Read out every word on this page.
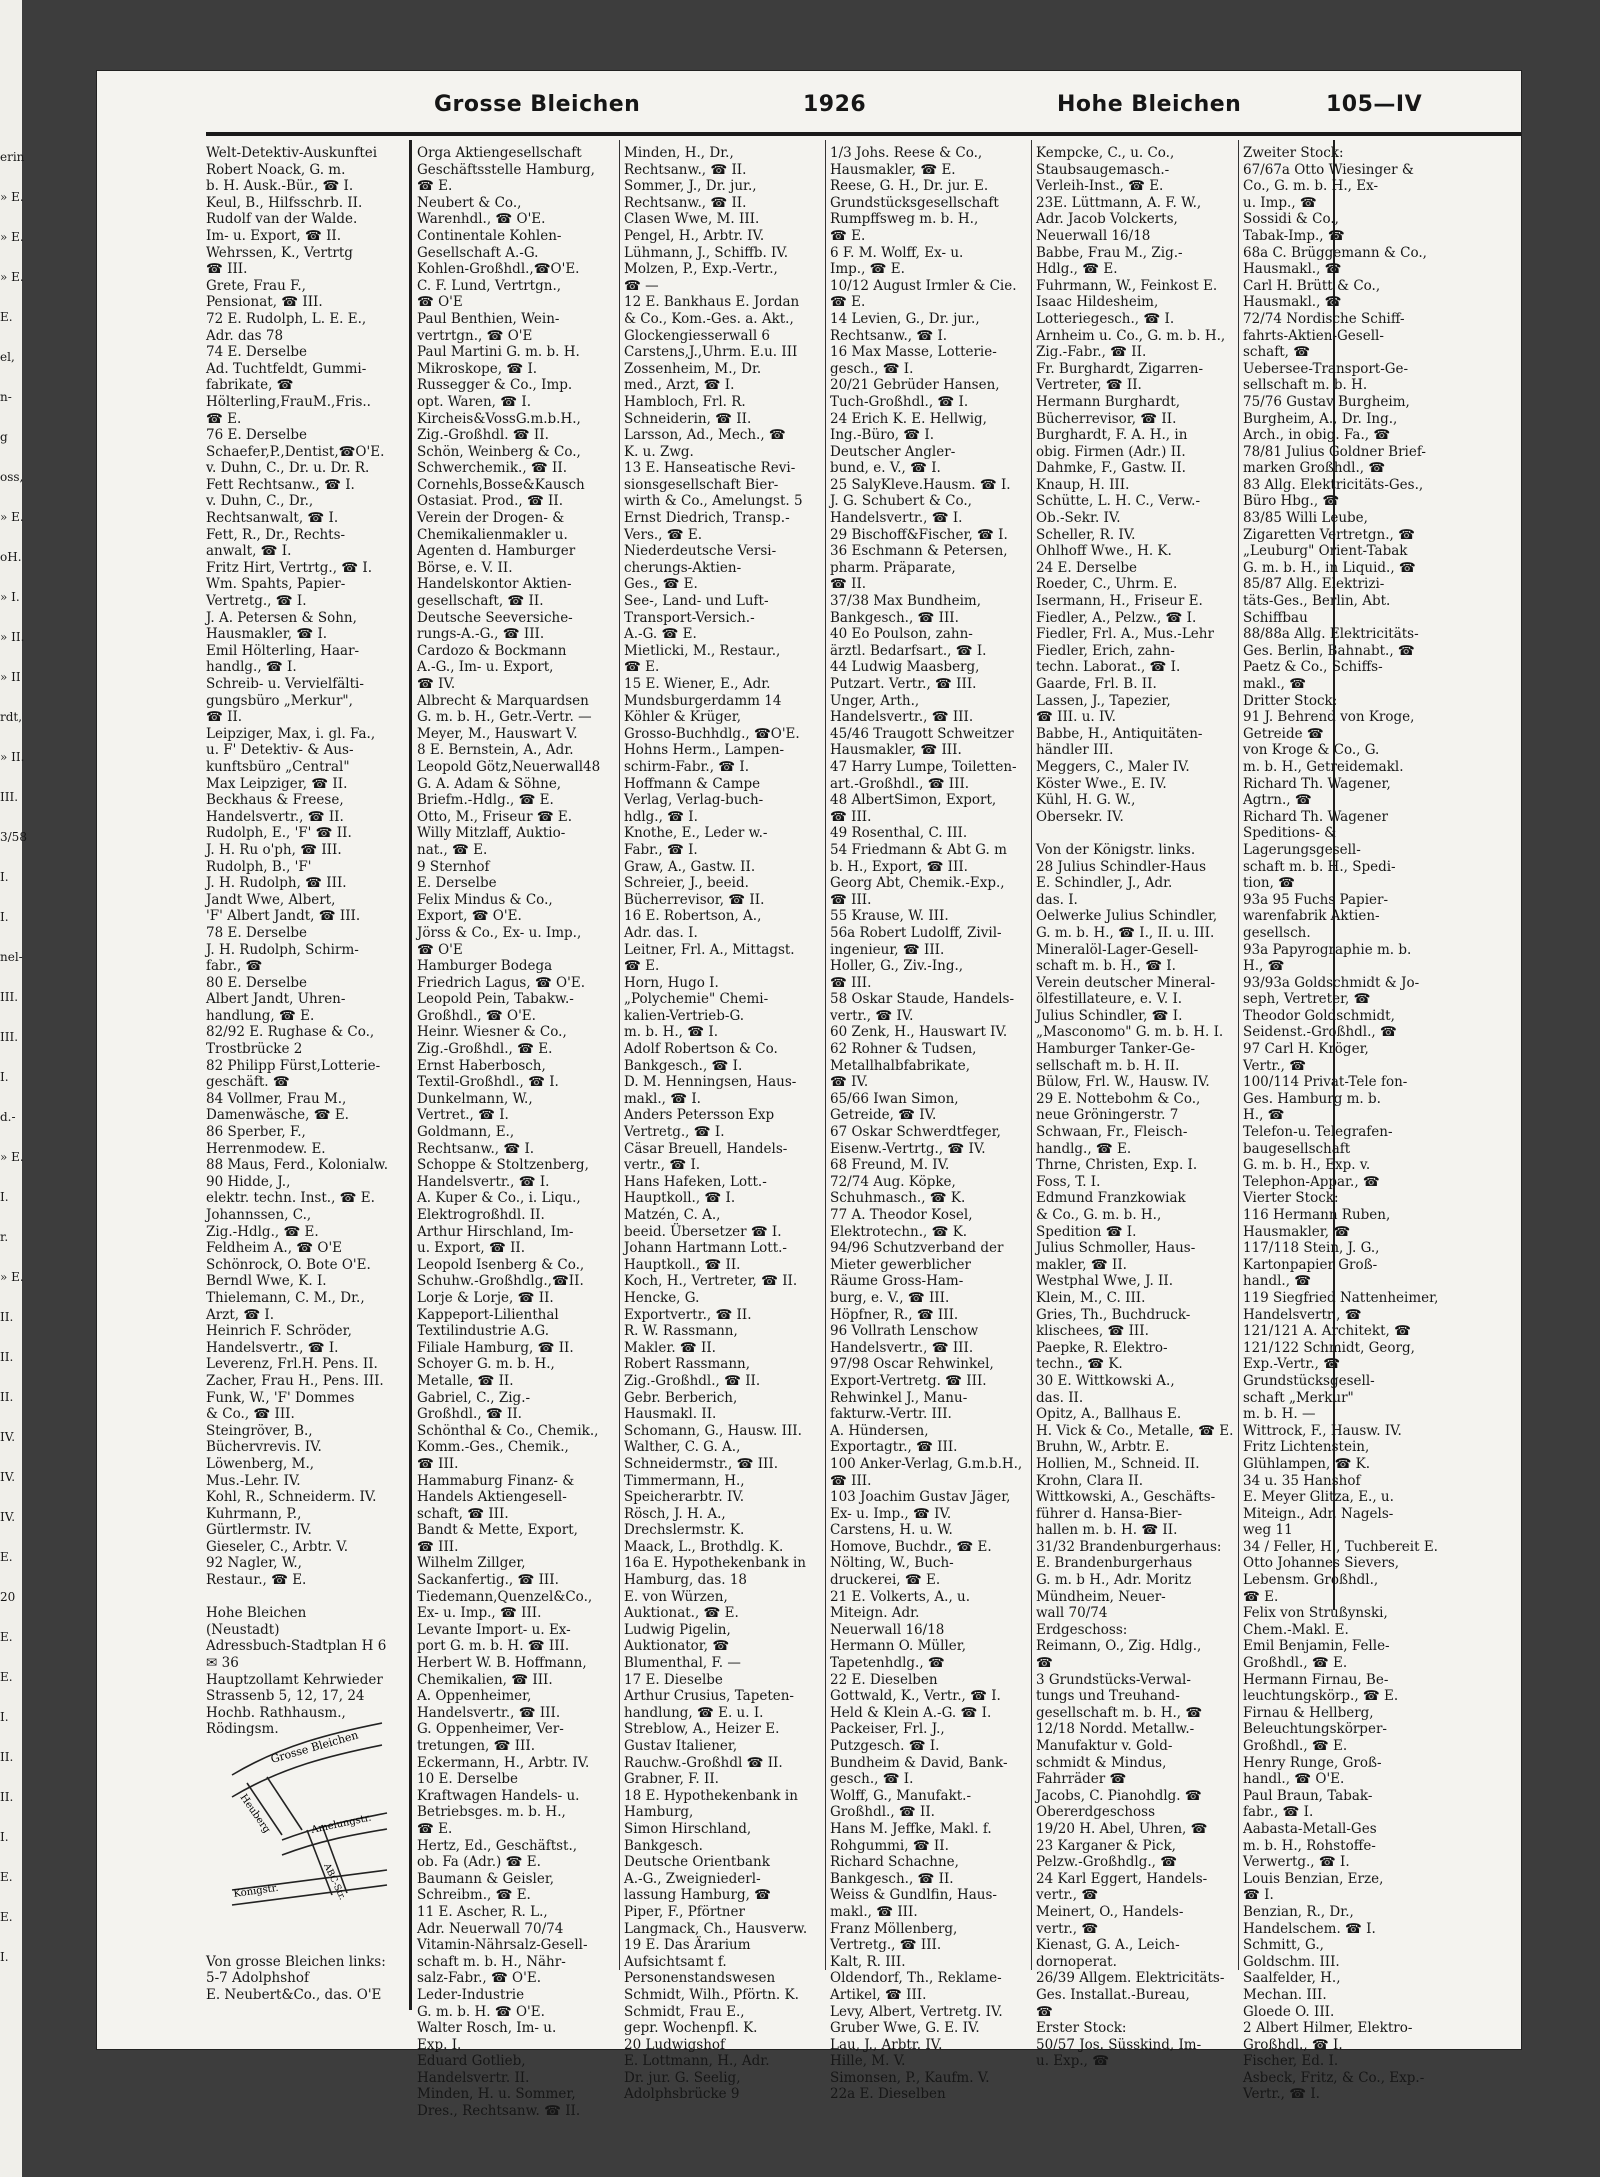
erin
» E.
» E.
» E.
E.
el,
n-
g
oss,
» E.
oH.
» I.
» II.
» II
rdt,
» II.
III.
3/58
I.
I.
nel-
III.
III.
I.
d.-
» E.
I.
r.
» E.
II.
II.
II.
IV.
IV.
IV.
E.
20
E.
E.
I.
II.
II.
I.
E.
E.
I.
Grosse Bleichen	1926	Hohe Bleichen	105—IV
Welt-Detektiv-Auskunftei
Robert Noack, G. m.
b. H. Ausk.-Bür., ☎ I.
Keul, B., Hilfsschrb. II.
Rudolf van der Walde.
Im- u. Export, ☎ II.
Wehrssen, K., Vertrtg
☎ III.
Grete, Frau F.,
Pensionat, ☎ III.
72 E. Rudolph, L. E. E.,
Adr. das 78
74 E. Derselbe
Ad. Tuchtfeldt, Gummi-
fabrikate, ☎
Hölterling,FrauM.,Fris..
☎ E.
76 E. Derselbe
Schaefer,P.,Dentist,☎O'E.
v. Duhn, C., Dr. u. Dr. R.
Fett Rechtsanw., ☎ I.
v. Duhn, C., Dr.,
Rechtsanwalt, ☎ I.
Fett, R., Dr., Rechts-
anwalt, ☎ I.
Fritz Hirt, Vertrtg., ☎ I.
Wm. Spahts, Papier-
Vertretg., ☎ I.
J. A. Petersen & Sohn,
Hausmakler, ☎ I.
Emil Hölterling, Haar-
handlg., ☎ I.
Schreib- u. Vervielfälti-
gungsbüro „Merkur",
☎ II.
Leipziger, Max, i. gl. Fa.,
u. F' Detektiv- & Aus-
kunftsbüro „Central"
Max Leipziger, ☎ II.
Beckhaus & Freese,
Handelsvertr., ☎ II.
Rudolph, E., 'F' ☎ II.
J. H. Ru o'ph, ☎ III.
Rudolph, B., 'F'
J. H. Rudolph, ☎ III.
Jandt Wwe, Albert,
'F' Albert Jandt, ☎ III.
78 E. Derselbe
J. H. Rudolph, Schirm-
fabr., ☎
80 E. Derselbe
Albert Jandt, Uhren-
handlung, ☎ E.
82/92 E. Rughase & Co.,
Trostbrücke 2
82 Philipp Fürst,Lotterie-
geschäft. ☎
84 Vollmer, Frau M.,
Damenwäsche, ☎ E.
86 Sperber, F.,
Herrenmodew. E.
88 Maus, Ferd., Kolonialw.
90 Hidde, J.,
elektr. techn. Inst., ☎ E.
Johannssen, C.,
Zig.-Hdlg., ☎ E.
Feldheim A., ☎ O'E
Schönrock, O. Bote O'E.
Berndl Wwe, K. I.
Thielemann, C. M., Dr.,
Arzt, ☎ I.
Heinrich F. Schröder,
Handelsvertr., ☎ I.
Leverenz, Frl.H. Pens. II.
Zacher, Frau H., Pens. III.
Funk, W., 'F' Dommes
& Co., ☎ III.
Steingröver, B.,
Büchervrevis. IV.
Löwenberg, M.,
Mus.-Lehr. IV.
Kohl, R., Schneiderm. IV.
Kuhrmann, P.,
Gürtlermstr. IV.
Gieseler, C., Arbtr. V.
92 Nagler, W.,
Restaur., ☎ E.
Hohe Bleichen
(Neustadt)
Adressbuch-Stadtplan H 6
✉ 36
Hauptzollamt Kehrwieder
Strassenb 5, 12, 17, 24
Hochb. Rathhausm.,
Rödingsm.
Von grosse Bleichen links:
5-7 Adolphshof
E. Neubert&Co., das. O'E
Orga Aktiengesellschaft
Geschäftsstelle Hamburg,
☎ E.
Neubert & Co.,
Warenhdl., ☎ O'E.
Continentale Kohlen-
Gesellschaft A.-G.
Kohlen-Großhdl.,☎O'E.
C. F. Lund, Vertrtgn.,
☎ O'E
Paul Benthien, Wein-
vertrtgn., ☎ O'E
Paul Martini G. m. b. H.
Mikroskope, ☎ I.
Russegger & Co., Imp.
opt. Waren, ☎ I.
Kircheis&VossG.m.b.H.,
Zig.-Großhdl. ☎ II.
Schön, Weinberg & Co.,
Schwerchemik., ☎ II.
Cornehls,Bosse&Kausch
Ostasiat. Prod., ☎ II.
Verein der Drogen- &
Chemikalienmakler u.
Agenten d. Hamburger
Börse, e. V. II.
Handelskontor Aktien-
gesellschaft, ☎ II.
Deutsche Seeversiche-
rungs-A.-G., ☎ III.
Cardozo & Bockmann
A.-G., Im- u. Export,
☎ IV.
Albrecht & Marquardsen
G. m. b. H., Getr.-Vertr. —
Meyer, M., Hauswart V.
8 E. Bernstein, A., Adr.
Leopold Götz,Neuerwall48
G. A. Adam & Söhne,
Briefm.-Hdlg., ☎ E.
Otto, M., Friseur ☎ E.
Willy Mitzlaff, Auktio-
nat., ☎ E.
9 Sternhof
E. Derselbe
Felix Mindus & Co.,
Export, ☎ O'E.
Jörss & Co., Ex- u. Imp.,
☎ O'E
Hamburger Bodega
Friedrich Lagus, ☎ O'E.
Leopold Pein, Tabakw.-
Großhdl., ☎ O'E.
Heinr. Wiesner & Co.,
Zig.-Großhdl., ☎ E.
Ernst Haberbosch,
Textil-Großhdl., ☎ I.
Dunkelmann, W.,
Vertret., ☎ I.
Goldmann, E.,
Rechtsanw., ☎ I.
Schoppe & Stoltzenberg,
Handelsvertr., ☎ I.
A. Kuper & Co., i. Liqu.,
Elektrogroßhdl. II.
Arthur Hirschland, Im-
u. Export, ☎ II.
Leopold Isenberg & Co.,
Schuhw.-Großhdlg.,☎II.
Lorje & Lorje, ☎ II.
Kappeport-Lilienthal
Textilindustrie A.G.
Filiale Hamburg, ☎ II.
Schoyer G. m. b. H.,
Metalle, ☎ II.
Gabriel, C., Zig.-
Großhdl., ☎ II.
Schönthal & Co., Chemik.,
Komm.-Ges., Chemik.,
☎ III.
Hammaburg Finanz- &
Handels Aktiengesell-
schaft, ☎ III.
Bandt & Mette, Export,
☎ III.
Wilhelm Zillger,
Sackanfertig., ☎ III.
Tiedemann,Quenzel&Co.,
Ex- u. Imp., ☎ III.
Levante Import- u. Ex-
port G. m. b. H. ☎ III.
Herbert W. B. Hoffmann,
Chemikalien, ☎ III.
A. Oppenheimer,
Handelsvertr., ☎ III.
G. Oppenheimer, Ver-
tretungen, ☎ III.
Eckermann, H., Arbtr. IV.
10 E. Derselbe
Kraftwagen Handels- u.
Betriebsges. m. b. H.,
☎ E.
Hertz, Ed., Geschäftst.,
ob. Fa (Adr.) ☎ E.
Baumann & Geisler,
Schreibm., ☎ E.
11 E. Ascher, R. L.,
Adr. Neuerwall 70/74
Vitamin-Nährsalz-Gesell-
schaft m. b. H., Nähr-
salz-Fabr., ☎ O'E.
Leder-Industrie
G. m. b. H. ☎ O'E.
Walter Rosch, Im- u.
Exp. I.
Eduard Gotlieb,
Handelsvertr. II.
Minden, H. u. Sommer,
Dres., Rechtsanw. ☎ II.
Minden, H., Dr.,
Rechtsanw., ☎ II.
Sommer, J., Dr. jur.,
Rechtsanw., ☎ II.
Clasen Wwe, M. III.
Pengel, H., Arbtr. IV.
Lühmann, J., Schiffb. IV.
Molzen, P., Exp.-Vertr.,
☎ —
12 E. Bankhaus E. Jordan
& Co., Kom.-Ges. a. Akt.,
Glockengiesserwall 6
Carstens,J.,Uhrm. E.u. III
Zossenheim, M., Dr.
med., Arzt, ☎ I.
Hambloch, Frl. R.
Schneiderin, ☎ II.
Larsson, Ad., Mech., ☎
K. u. Zwg.
13 E. Hanseatische Revi-
sionsgesellschaft Bier-
wirth & Co., Amelungst. 5
Ernst Diedrich, Transp.-
Vers., ☎ E.
Niederdeutsche Versi-
cherungs-Aktien-
Ges., ☎ E.
See-, Land- und Luft-
Transport-Versich.-
A.-G. ☎ E.
Mietlicki, M., Restaur.,
☎ E.
15 E. Wiener, E., Adr.
Mundsburgerdamm 14
Köhler & Krüger,
Grosso-Buchhdlg., ☎O'E.
Hohns Herm., Lampen-
schirm-Fabr., ☎ I.
Hoffmann & Campe
Verlag, Verlag-buch-
hdlg., ☎ I.
Knothe, E., Leder w.-
Fabr., ☎ I.
Graw, A., Gastw. II.
Schreier, J., beeid.
Bücherrevisor, ☎ II.
16 E. Robertson, A.,
Adr. das. I.
Leitner, Frl. A., Mittagst.
☎ E.
Horn, Hugo I.
„Polychemie" Chemi-
kalien-Vertrieb-G.
m. b. H., ☎ I.
Adolf Robertson & Co.
Bankgesch., ☎ I.
D. M. Henningsen, Haus-
makl., ☎ I.
Anders Petersson Exp
Vertretg., ☎ I.
Cäsar Breuell, Handels-
vertr., ☎ I.
Hans Hafeken, Lott.-
Hauptkoll., ☎ I.
Matzén, C. A.,
beeid. Übersetzer ☎ I.
Johann Hartmann Lott.-
Hauptkoll., ☎ II.
Koch, H., Vertreter, ☎ II.
Hencke, G.
Exportvertr., ☎ II.
R. W. Rassmann,
Makler. ☎ II.
Robert Rassmann,
Zig.-Großhdl., ☎ II.
Gebr. Berberich,
Hausmakl. II.
Schomann, G., Hausw. III.
Walther, C. G. A.,
Schneidermstr., ☎ III.
Timmermann, H.,
Speicherarbtr. IV.
Rösch, J. H. A.,
Drechslermstr. K.
Maack, L., Brothdlg. K.
16a E. Hypothekenbank in
Hamburg, das. 18
E. von Würzen,
Auktionat., ☎ E.
Ludwig Pigelin,
Auktionator, ☎
Blumenthal, F. —
17 E. Dieselbe
Arthur Crusius, Tapeten-
handlung, ☎ E. u. I.
Streblow, A., Heizer E.
Gustav Italiener,
Rauchw.-Großhdl ☎ II.
Grabner, F. II.
18 E. Hypothekenbank in
Hamburg,
Simon Hirschland,
Bankgesch.
Deutsche Orientbank
A.-G., Zweigniederl-
lassung Hamburg, ☎
Piper, F., Pförtner
Langmack, Ch., Hausverw.
19 E. Das Ärarium
Aufsichtsamt f.
Personenstandswesen
Schmidt, Wilh., Pförtn. K.
Schmidt, Frau E.,
gepr. Wochenpfl. K.
20 Ludwigshof
E. Lottmann, H., Adr.
Dr. jur. G. Seelig,
Adolphsbrücke 9
1/3 Johs. Reese & Co.,
Hausmakler, ☎ E.
Reese, G. H., Dr. jur. E.
Grundstücksgesellschaft
Rumpffsweg m. b. H.,
☎ E.
6 F. M. Wolff, Ex- u.
Imp., ☎ E.
10/12 August Irmler & Cie.
☎ E.
14 Levien, G., Dr. jur.,
Rechtsanw., ☎ I.
16 Max Masse, Lotterie-
gesch., ☎ I.
20/21 Gebrüder Hansen,
Tuch-Großhdl., ☎ I.
24 Erich K. E. Hellwig,
Ing.-Büro, ☎ I.
Deutscher Angler-
bund, e. V., ☎ I.
25 SalyKleve.Hausm. ☎ I.
J. G. Schubert & Co.,
Handelsvertr., ☎ I.
29 Bischoff&Fischer, ☎ I.
36 Eschmann & Petersen,
pharm. Präparate,
☎ II.
37/38 Max Bundheim,
Bankgesch., ☎ III.
40 Eo Poulson, zahn-
ärztl. Bedarfsart., ☎ I.
44 Ludwig Maasberg,
Putzart. Vertr., ☎ III.
Unger, Arth.,
Handelsvertr., ☎ III.
45/46 Traugott Schweitzer
Hausmakler, ☎ III.
47 Harry Lumpe, Toiletten-
art.-Großhdl., ☎ III.
48 AlbertSimon, Export,
☎ III.
49 Rosenthal, C. III.
54 Friedmann & Abt G. m
b. H., Export, ☎ III.
Georg Abt, Chemik.-Exp.,
☎ III.
55 Krause, W. III.
56a Robert Ludolff, Zivil-
ingenieur, ☎ III.
Holler, G., Ziv.-Ing.,
☎ III.
58 Oskar Staude, Handels-
vertr., ☎ IV.
60 Zenk, H., Hauswart IV.
62 Rohner & Tudsen,
Metallhalbfabrikate,
☎ IV.
65/66 Iwan Simon,
Getreide, ☎ IV.
67 Oskar Schwerdtfeger,
Eisenw.-Vertrtg., ☎ IV.
68 Freund, M. IV.
72/74 Aug. Köpke,
Schuhmasch., ☎ K.
77 A. Theodor Kosel,
Elektrotechn., ☎ K.
94/96 Schutzverband der
Mieter gewerblicher
Räume Gross-Ham-
burg, e. V., ☎ III.
Höpfner, R., ☎ III.
96 Vollrath Lenschow
Handelsvertr., ☎ III.
97/98 Oscar Rehwinkel,
Export-Vertretg. ☎ III.
Rehwinkel J., Manu-
fakturw.-Vertr. III.
A. Hündersen,
Exportagtr., ☎ III.
100 Anker-Verlag, G.m.b.H.,
☎ III.
103 Joachim Gustav Jäger,
Ex- u. Imp., ☎ IV.
Carstens, H. u. W.
Homove, Buchdr., ☎ E.
Nölting, W., Buch-
druckerei, ☎ E.
21 E. Volkerts, A., u.
Miteign. Adr.
Neuerwall 16/18
Hermann O. Müller,
Tapetenhdlg., ☎
22 E. Dieselben
Gottwald, K., Vertr., ☎ I.
Held & Klein A.-G. ☎ I.
Packeiser, Frl. J.,
Putzgesch. ☎ I.
Bundheim & David, Bank-
gesch., ☎ I.
Wolff, G., Manufakt.-
Großhdl., ☎ II.
Hans M. Jeffke, Makl. f.
Rohgummi, ☎ II.
Richard Schachne,
Bankgesch., ☎ II.
Weiss & Gundlfin, Haus-
makl., ☎ III.
Franz Möllenberg,
Vertretg., ☎ III.
Kalt, R. III.
Oldendorf, Th., Reklame-
Artikel, ☎ III.
Levy, Albert, Vertretg. IV.
Gruber Wwe, G. E. IV.
Lau, J., Arbtr. IV.
Hille, M. V.
Simonsen, P., Kaufm. V.
22a E. Dieselben
Kempcke, C., u. Co.,
Staubsaugemasch.-
Verleih-Inst., ☎ E.
23E. Lüttmann, A. F. W.,
Adr. Jacob Volckerts,
Neuerwall 16/18
Babbe, Frau M., Zig.-
Hdlg., ☎ E.
Fuhrmann, W., Feinkost E.
Isaac Hildesheim,
Lotteriegesch., ☎ I.
Arnheim u. Co., G. m. b. H.,
Zig.-Fabr., ☎ II.
Fr. Burghardt, Zigarren-
Vertreter, ☎ II.
Hermann Burghardt,
Bücherrevisor, ☎ II.
Burghardt, F. A. H., in
obig. Firmen (Adr.) II.
Dahmke, F., Gastw. II.
Knaup, H. III.
Schütte, L. H. C., Verw.-
Ob.-Sekr. IV.
Scheller, R. IV.
Ohlhoff Wwe., H. K.
24 E. Derselbe
Roeder, C., Uhrm. E.
Isermann, H., Friseur E.
Fiedler, A., Pelzw., ☎ I.
Fiedler, Frl. A., Mus.-Lehr
Fiedler, Erich, zahn-
techn. Laborat., ☎ I.
Gaarde, Frl. B. II.
Lassen, J., Tapezier,
☎ III. u. IV.
Babbe, H., Antiquitäten-
händler III.
Meggers, C., Maler IV.
Köster Wwe., E. IV.
Kühl, H. G. W.,
Obersekr. IV.
Von der Königstr. links.
28 Julius Schindler-Haus
E. Schindler, J., Adr.
das. I.
Oelwerke Julius Schindler,
G. m. b. H., ☎ I., II. u. III.
Mineralöl-Lager-Gesell-
schaft m. b. H., ☎ I.
Verein deutscher Mineral-
ölfestillateure, e. V. I.
Julius Schindler, ☎ I.
„Masconomo" G. m. b. H. I.
Hamburger Tanker-Ge-
sellschaft m. b. H. II.
Bülow, Frl. W., Hausw. IV.
29 E. Nottebohm & Co.,
neue Gröningerstr. 7
Schwaan, Fr., Fleisch-
handlg., ☎ E.
Thrne, Christen, Exp. I.
Foss, T. I.
Edmund Franzkowiak
& Co., G. m. b. H.,
Spedition ☎ I.
Julius Schmoller, Haus-
makler, ☎ II.
Westphal Wwe, J. II.
Klein, M., C. III.
Gries, Th., Buchdruck-
klischees, ☎ III.
Paepke, R. Elektro-
techn., ☎ K.
30 E. Wittkowski A.,
das. II.
Opitz, A., Ballhaus E.
H. Vick & Co., Metalle, ☎ E.
Bruhn, W., Arbtr. E.
Hollien, M., Schneid. II.
Krohn, Clara II.
Wittkowski, A., Geschäfts-
führer d. Hansa-Bier-
hallen m. b. H. ☎ II.
31/32 Brandenburgerhaus:
E. Brandenburgerhaus
G. m. b H., Adr. Moritz
Mündheim, Neuer-
wall 70/74
Erdgeschoss:
Reimann, O., Zig. Hdlg.,
☎
3 Grundstücks-Verwal-
tungs und Treuhand-
gesellschaft m. b. H., ☎
12/18 Nordd. Metallw.-
Manufaktur v. Gold-
schmidt & Mindus,
Fahrräder ☎
Jacobs, C. Pianohdlg. ☎
Obererdgeschoss
19/20 H. Abel, Uhren, ☎
23 Karganer & Pick,
Pelzw.-Großhdlg., ☎
24 Karl Eggert, Handels-
vertr., ☎
Meinert, O., Handels-
vertr., ☎
Kienast, G. A., Leich-
dornoperat.
26/39 Allgem. Elektricitäts-
Ges. Installat.-Bureau,
☎
Erster Stock:
50/57 Jos. Süsskind, Im-
u. Exp., ☎
Zweiter Stock:
67/67a Otto Wiesinger &
Co., G. m. b. H., Ex-
u. Imp., ☎
Sossidi & Co.,
Tabak-Imp., ☎
68a C. Brüggemann & Co.,
Hausmakl., ☎
Carl H. Brütt & Co.,
Hausmakl., ☎
72/74 Nordische Schiff-
fahrts-Aktien-Gesell-
schaft, ☎
Uebersee-Transport-Ge-
sellschaft m. b. H.
75/76 Gustav Burgheim,
Burgheim, A., Dr. Ing.,
Arch., in obig. Fa., ☎
78/81 Julius Goldner Brief-
marken Großhdl., ☎
83 Allg. Elektricitäts-Ges.,
Büro Hbg., ☎
83/85 Willi Leube,
Zigaretten Vertretgn., ☎
„Leuburg" Orient-Tabak
G. m. b. H., in Liquid., ☎
85/87 Allg. Elektrizi-
täts-Ges., Berlin, Abt.
Schiffbau
88/88a Allg. Elektricitäts-
Ges. Berlin, Bahnabt., ☎
Paetz & Co., Schiffs-
makl., ☎
Dritter Stock:
91 J. Behrend von Kroge,
Getreide ☎
von Kroge & Co., G.
m. b. H., Getreidemakl.
Richard Th. Wagener,
Agtrn., ☎
Richard Th. Wagener
Speditions- &
Lagerungsgesell-
schaft m. b. H., Spedi-
tion, ☎
93a 95 Fuchs Papier-
warenfabrik Aktien-
gesellsch.
93a Papyrographie m. b.
H., ☎
93/93a Goldschmidt & Jo-
seph, Vertreter, ☎
Theodor Goldschmidt,
Seidenst.-Großhdl., ☎
97 Carl H. Kröger,
Vertr., ☎
100/114 Privat-Tele fon-
Ges. Hamburg m. b.
H., ☎
Telefon-u. Telegrafen-
baugesellschaft
G. m. b. H., Exp. v.
Telephon-Appar., ☎
Vierter Stock:
116 Hermann Ruben,
Hausmakler, ☎
117/118 Stein, J. G.,
Kartonpapier Groß-
handl., ☎
119 Siegfried Nattenheimer,
Handelsvertr., ☎
121/121 A. Architekt, ☎
121/122 Schmidt, Georg,
Exp.-Vertr., ☎
Grundstücksgesell-
schaft „Merkur"
m. b. H. —
Wittrock, F., Hausw. IV.
Fritz Lichtenstein,
Glühlampen, ☎ K.
34 u. 35 Hanshof
E. Meyer Glitza, E., u.
Miteign., Adr. Nagels-
weg 11
34 / Feller, H., Tuchbereit E.
Otto Johannes Sievers,
Lebensm. Großhdl.,
☎ E.
Felix von Strußynski,
Chem.-Makl. E.
Emil Benjamin, Felle-
Großhdl., ☎ E.
Hermann Firnau, Be-
leuchtungskörp., ☎ E.
Firnau & Hellberg,
Beleuchtungskörper-
Großhdl., ☎ E.
Henry Runge, Groß-
handl., ☎ O'E.
Paul Braun, Tabak-
fabr., ☎ I.
Aabasta-Metall-Ges
m. b. H., Rohstoffe-
Verwertg., ☎ I.
Louis Benzian, Erze,
☎ I.
Benzian, R., Dr.,
Handelschem. ☎ I.
Schmitt, G.,
Goldschm. III.
Saalfelder, H.,
Mechan. III.
Gloede O. III.
2 Albert Hilmer, Elektro-
Großhdl., ☎ I.
Fischer, Ed. I.
Asbeck, Fritz, & Co., Exp.-
Vertr., ☎ I.
Grosse Bleichen
Heuberg	Amelungstr.
Königstr.	ABC-Str.
